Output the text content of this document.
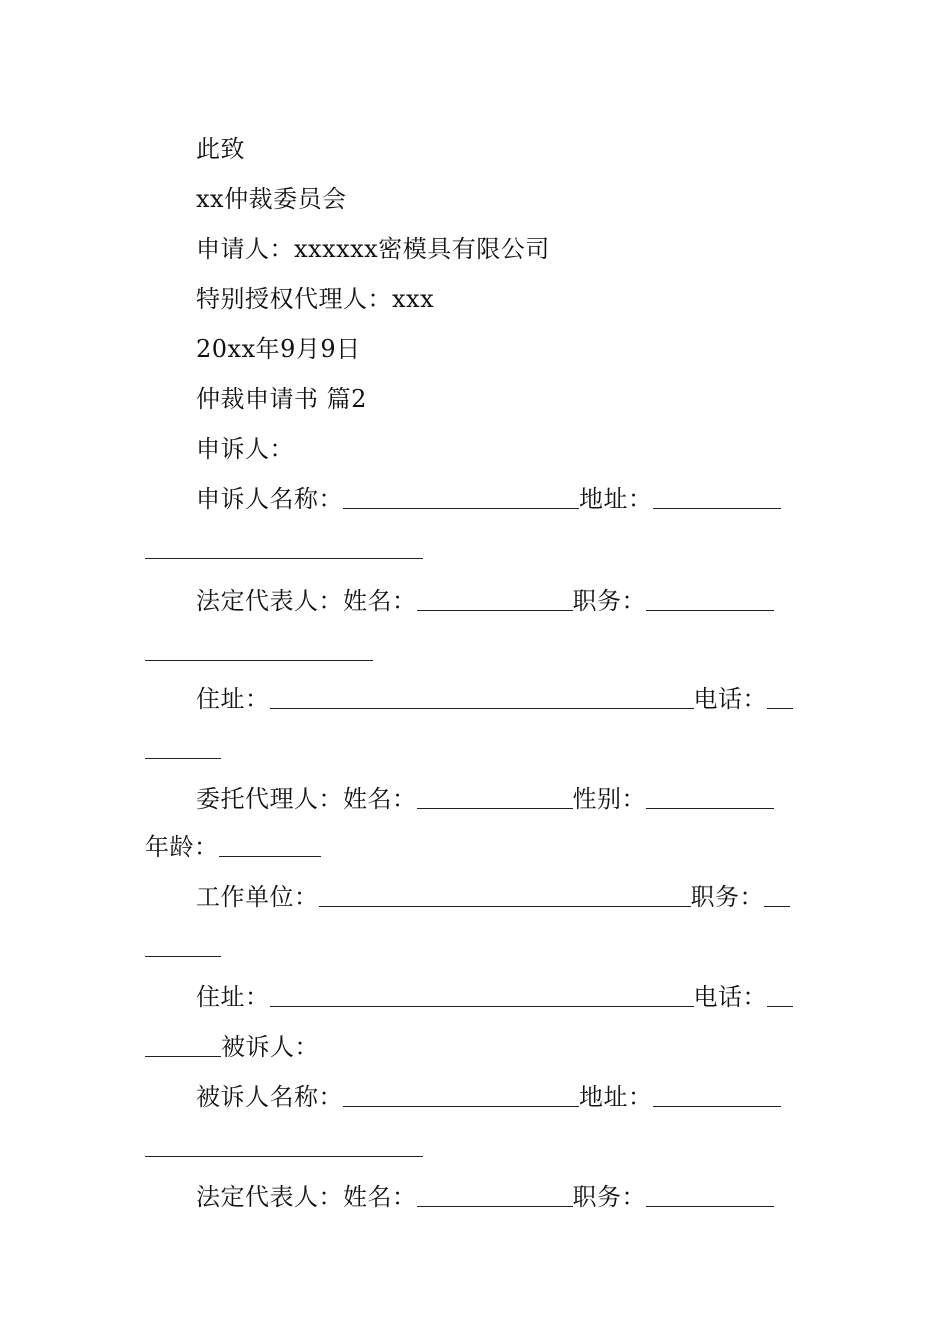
此致
xx仲裁委员会
申请人：xxxxxx密模具有限公司
特别授权代理人：xxx
20xx年9月9日
仲裁申请书 篇2
申诉人：
申诉人名称：	地址：
法定代表人：姓名：	职务：
住址：	电话：
委托代理人：姓名：	性别：
年龄：
工作单位：	职务：
住址：	电话：
被诉人：
被诉人名称：	地址：
法定代表人：姓名：	职务：
